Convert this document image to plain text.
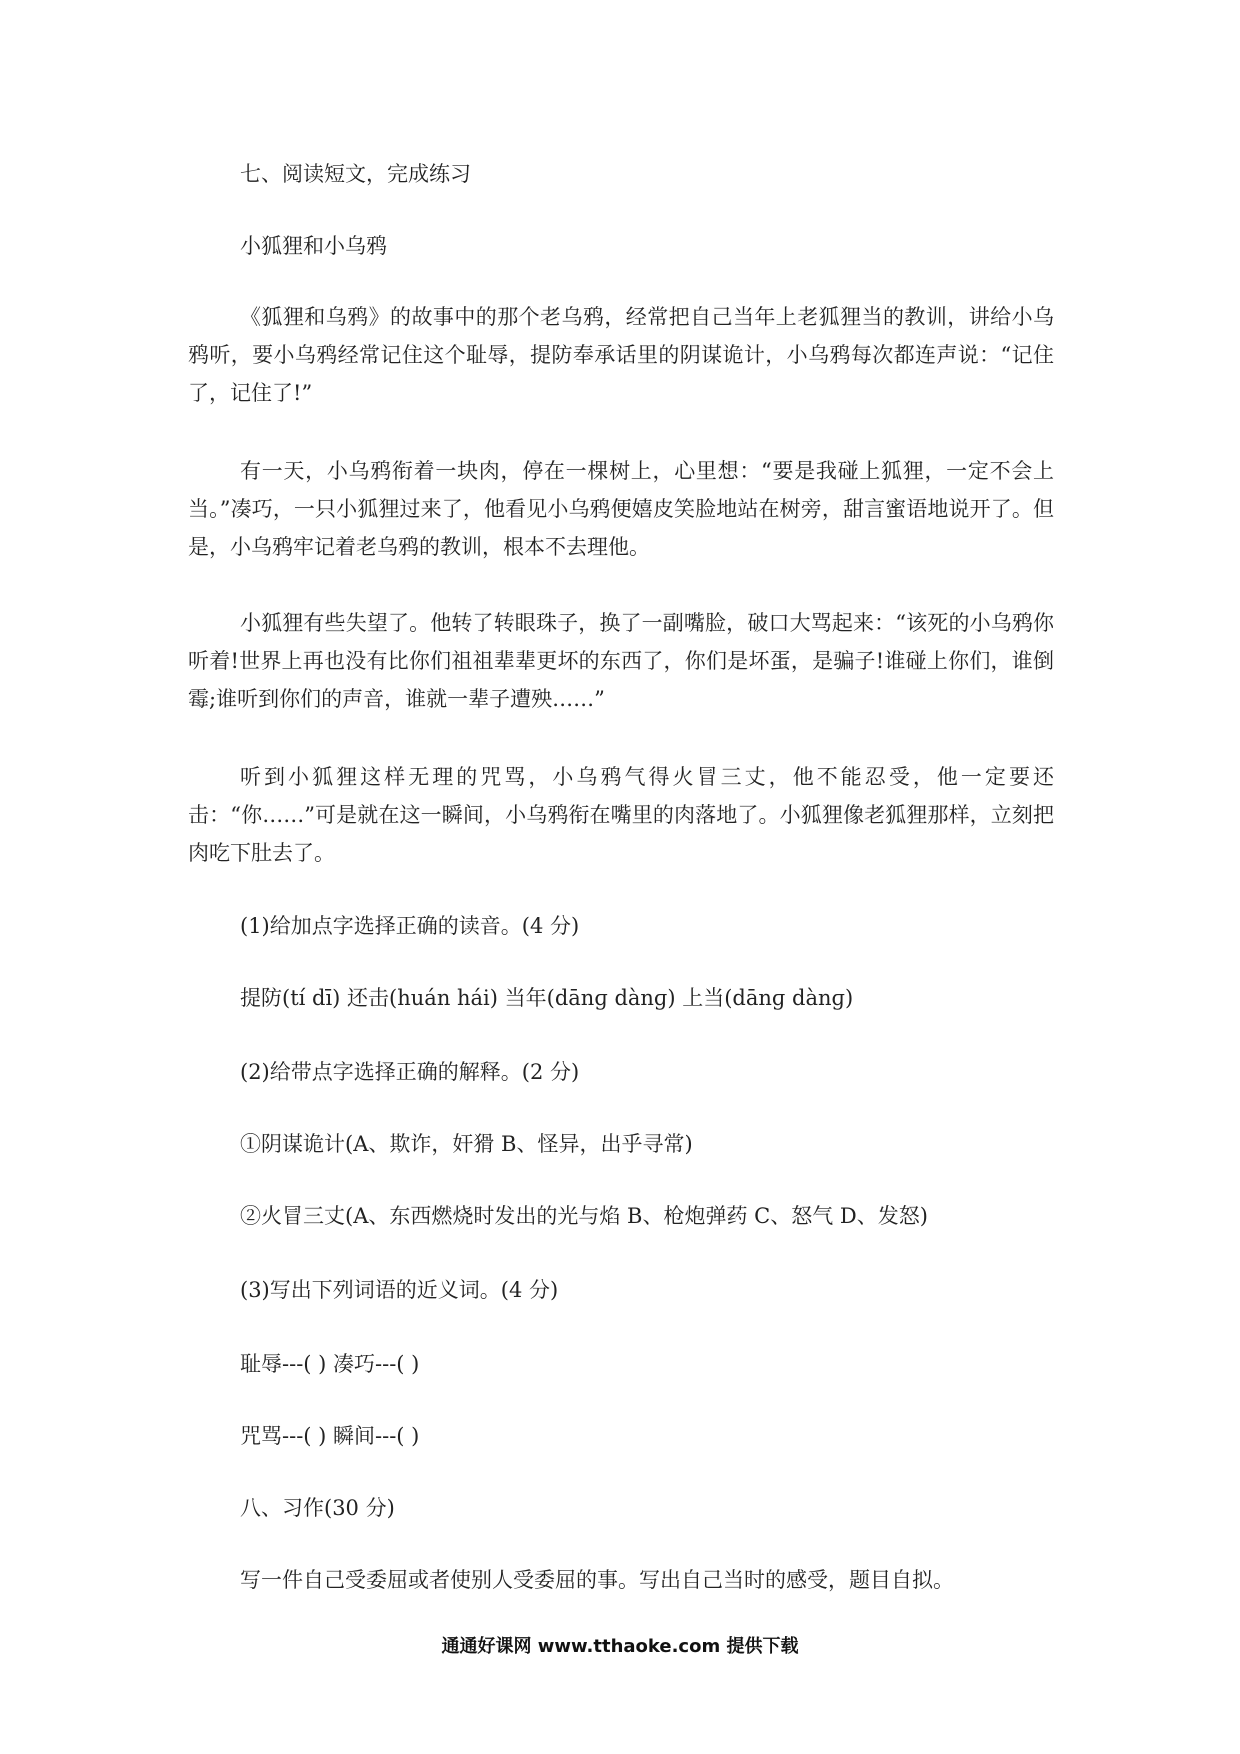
七、阅读短文，完成练习

小狐狸和小乌鸦

《狐狸和乌鸦》的故事中的那个老乌鸦，经常把自己当年上老狐狸当的教训，讲给小乌鸦听，要小乌鸦经常记住这个耻辱，提防奉承话里的阴谋诡计，小乌鸦每次都连声说：“记住了，记住了!”

有一天，小乌鸦衔着一块肉，停在一棵树上，心里想：“要是我碰上狐狸，一定不会上当。”凑巧，一只小狐狸过来了，他看见小乌鸦便嬉皮笑脸地站在树旁，甜言蜜语地说开了。但是，小乌鸦牢记着老乌鸦的教训，根本不去理他。

小狐狸有些失望了。他转了转眼珠子，换了一副嘴脸，破口大骂起来：“该死的小乌鸦你听着!世界上再也没有比你们祖祖辈辈更坏的东西了，你们是坏蛋，是骗子!谁碰上你们，谁倒霉;谁听到你们的声音，谁就一辈子遭殃……”

听到小狐狸这样无理的咒骂，小乌鸦气得火冒三丈，他不能忍受，他一定要还击：“你……”可是就在这一瞬间，小乌鸦衔在嘴里的肉落地了。小狐狸像老狐狸那样，立刻把肉吃下肚去了。

(1)给加点字选择正确的读音。(4 分)

提防(tí dī) 还击(huán hái) 当年(dānɡ dànɡ) 上当(dānɡ dànɡ)

(2)给带点字选择正确的解释。(2 分)

①阴谋诡计(A、欺诈，奸猾 B、怪异，出乎寻常)

②火冒三丈(A、东西燃烧时发出的光与焰 B、枪炮弹药 C、怒气 D、发怒)

(3)写出下列词语的近义词。(4 分)

耻辱---( ) 凑巧---( )

咒骂---( ) 瞬间---( )

八、习作(30 分)

写一件自己受委屈或者使别人受委屈的事。写出自己当时的感受，题目自拟。

通通好课网 www.tthaoke.com 提供下载
